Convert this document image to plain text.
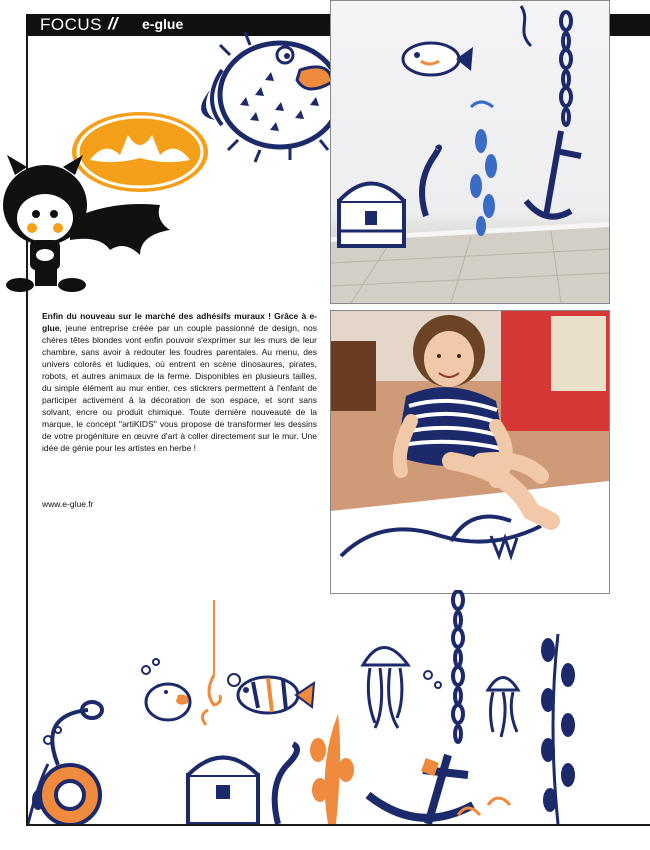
FOCUS // e-glue
Enfin du nouveau sur le marché des adhésifs muraux ! Grâce à e-glue, jeune entreprise créée par un couple passionné de design, nos chères têtes blondes vont enfin pouvoir s'exprimer sur les murs de leur chambre, sans avoir à redouter les foudres parentales. Au menu, des univers colorés et ludiques, où entrent en scène dinosaures, pirates, robots, et autres animaux de la ferme. Disponibles en plusieurs tailles, du simple élément au mur entier, ces stickrers permettent à l'enfant de participer activement à la décoration de son espace, et sont sans solvant, encre ou produit chimique. Toute dernière nouveauté de la marque, le concept "artiKIDS" vous propose de transformer les dessins de votre progéniture en œuvre d'art à coller directement sur le mur. Une idée de génie pour les artistes en herbe !
www.e-glue.fr
